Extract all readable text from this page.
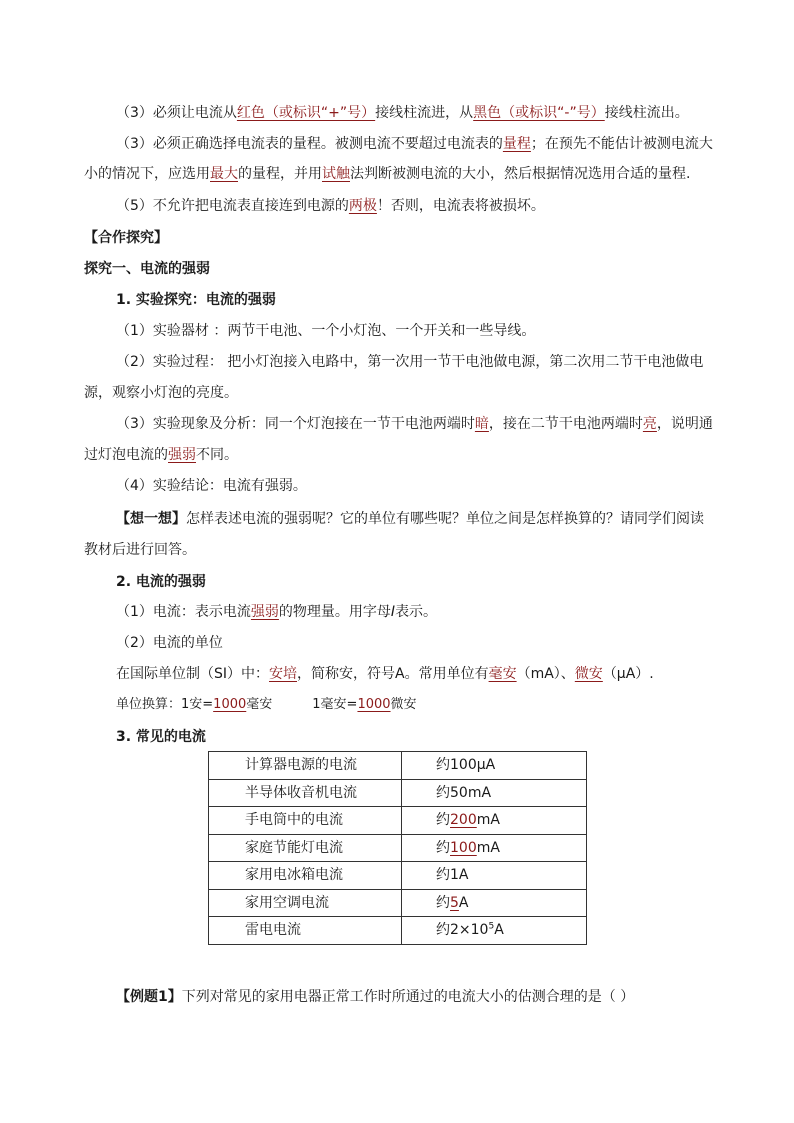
（3）必须让电流从红色（或标识“+”号）接线柱流进，从黑色（或标识“-”号）接线柱流出。
（3）必须正确选择电流表的量程。被测电流不要超过电流表的量程；在预先不能估计被测电流大
小的情况下，应选用最大的量程，并用试触法判断被测电流的大小，然后根据情况选用合适的量程.
（5）不允许把电流表直接连到电源的两极！否则，电流表将被损坏。
【合作探究】
探究一、电流的强弱
1. 实验探究：电流的强弱
（1）实验器材 ：两节干电池、一个小灯泡、一个开关和一些导线。
（2）实验过程： 把小灯泡接入电路中，第一次用一节干电池做电源，第二次用二节干电池做电
源，观察小灯泡的亮度。
（3）实验现象及分析：同一个灯泡接在一节干电池两端时暗，接在二节干电池两端时亮，说明通
过灯泡电流的强弱不同。
（4）实验结论：电流有强弱。
【想一想】怎样表述电流的强弱呢？它的单位有哪些呢？单位之间是怎样换算的？请同学们阅读
教材后进行回答。
2. 电流的强弱
（1）电流：表示电流强弱的物理量。用字母I表示。
（2）电流的单位
在国际单位制（SI）中：安培，简称安，符号A。常用单位有毫安（mA）、微安（μA）.
单位换算：1安=1000毫安	1毫安=1000微安
3. 常见的电流
计算器电源的电流	约100μA
半导体收音机电流	约50mA
手电筒中的电流	约200mA
家庭节能灯电流	约100mA
家用电冰箱电流	约1A
家用空调电流	约5A
雷电电流	约$2\times 10^5A$
【例题1】下列对常见的家用电器正常工作时所通过的电流大小的估测合理的是（ ）
